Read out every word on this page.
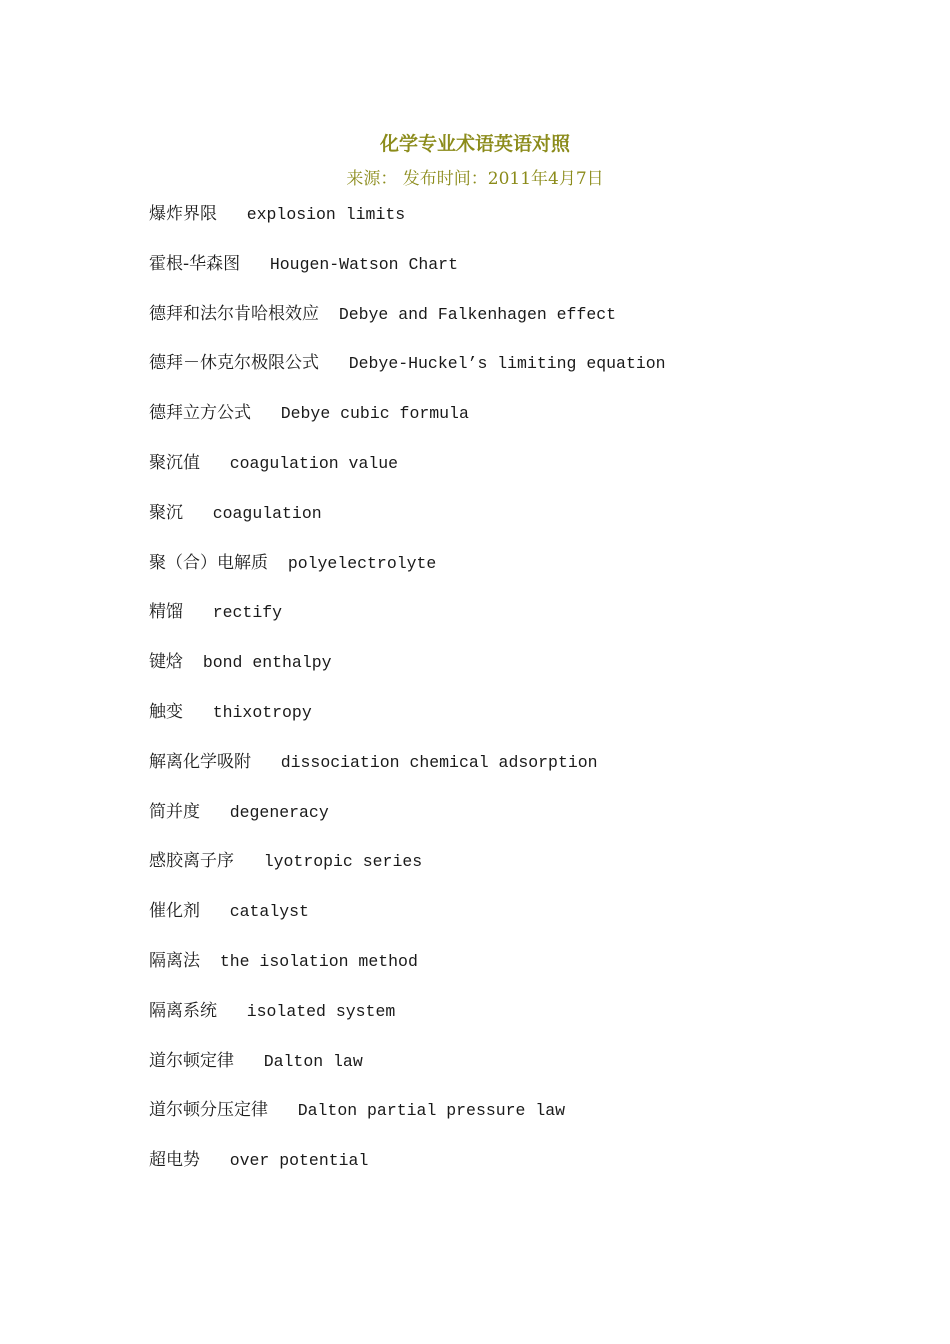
化学专业术语英语对照
来源： 发布时间：2011年4月7日
爆炸界限 explosion limits
霍根-华森图 Hougen-Watson Chart
德拜和法尔肯哈根效应 Debye and Falkenhagen effect
德拜－休克尔极限公式 Debye-Huckel’s limiting equation
德拜立方公式 Debye cubic formula
聚沉值 coagulation value
聚沉 coagulation
聚（合）电解质 polyelectrolyte
精馏 rectify
键焓 bond enthalpy
触变 thixotropy
解离化学吸附 dissociation chemical adsorption
简并度 degeneracy
感胶离子序 lyotropic series
催化剂 catalyst
隔离法 the isolation method
隔离系统 isolated system
道尔顿定律 Dalton law
道尔顿分压定律 Dalton partial pressure law
超电势 over potential
